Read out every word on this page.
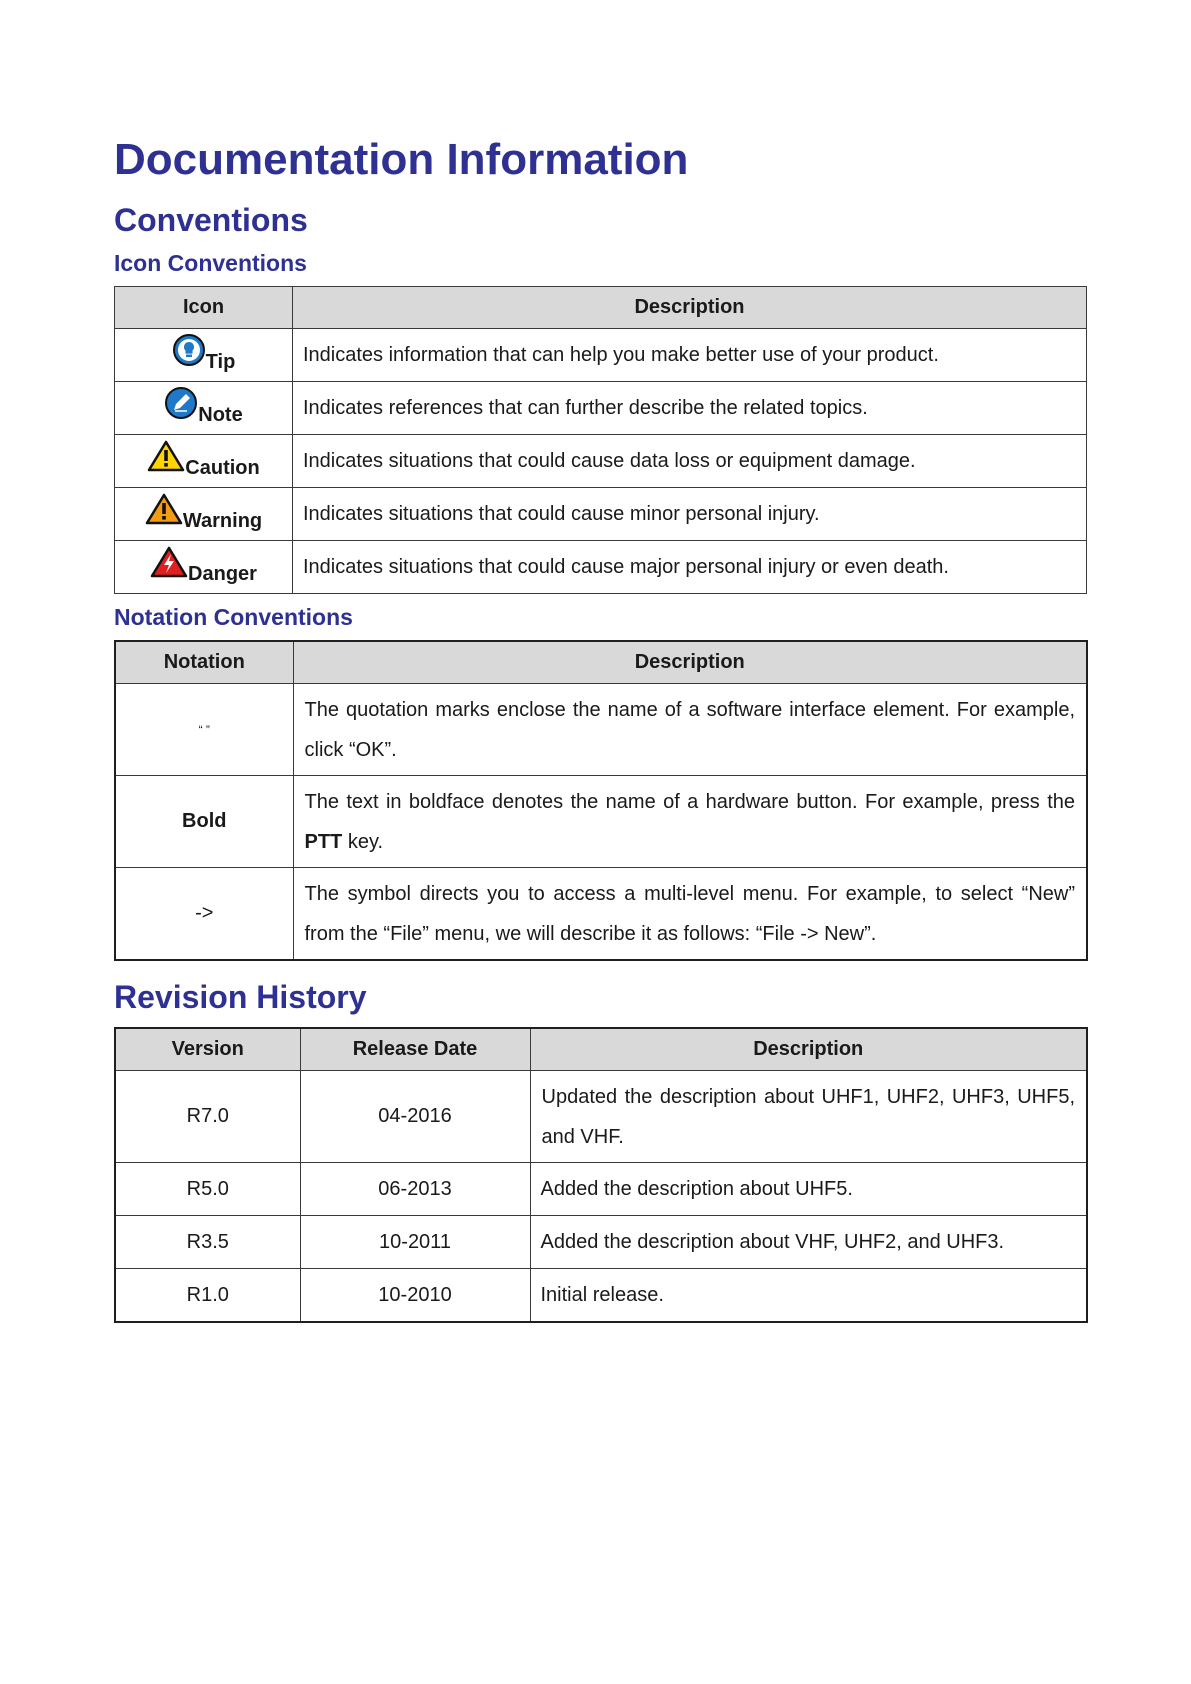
Documentation Information
Conventions
Icon Conventions
Icon	Description
Tip	Indicates information that can help you make better use of your product.
Note	Indicates references that can further describe the related topics.
Caution	Indicates situations that could cause data loss or equipment damage.
Warning	Indicates situations that could cause minor personal injury.
Danger	Indicates situations that could cause major personal injury or even death.
Notation Conventions
Notation	Description
“ ”	The quotation marks enclose the name of a software interface element. For example, click “OK”.
Bold	The text in boldface denotes the name of a hardware button. For example, press the PTT key.
->	The symbol directs you to access a multi-level menu. For example, to select “New” from the “File” menu, we will describe it as follows: “File -> New”.
Revision History
Version	Release Date	Description
R7.0	04-2016	Updated the description about UHF1, UHF2, UHF3, UHF5, and VHF.
R5.0	06-2013	Added the description about UHF5.
R3.5	10-2011	Added the description about VHF, UHF2, and UHF3.
R1.0	10-2010	Initial release.
